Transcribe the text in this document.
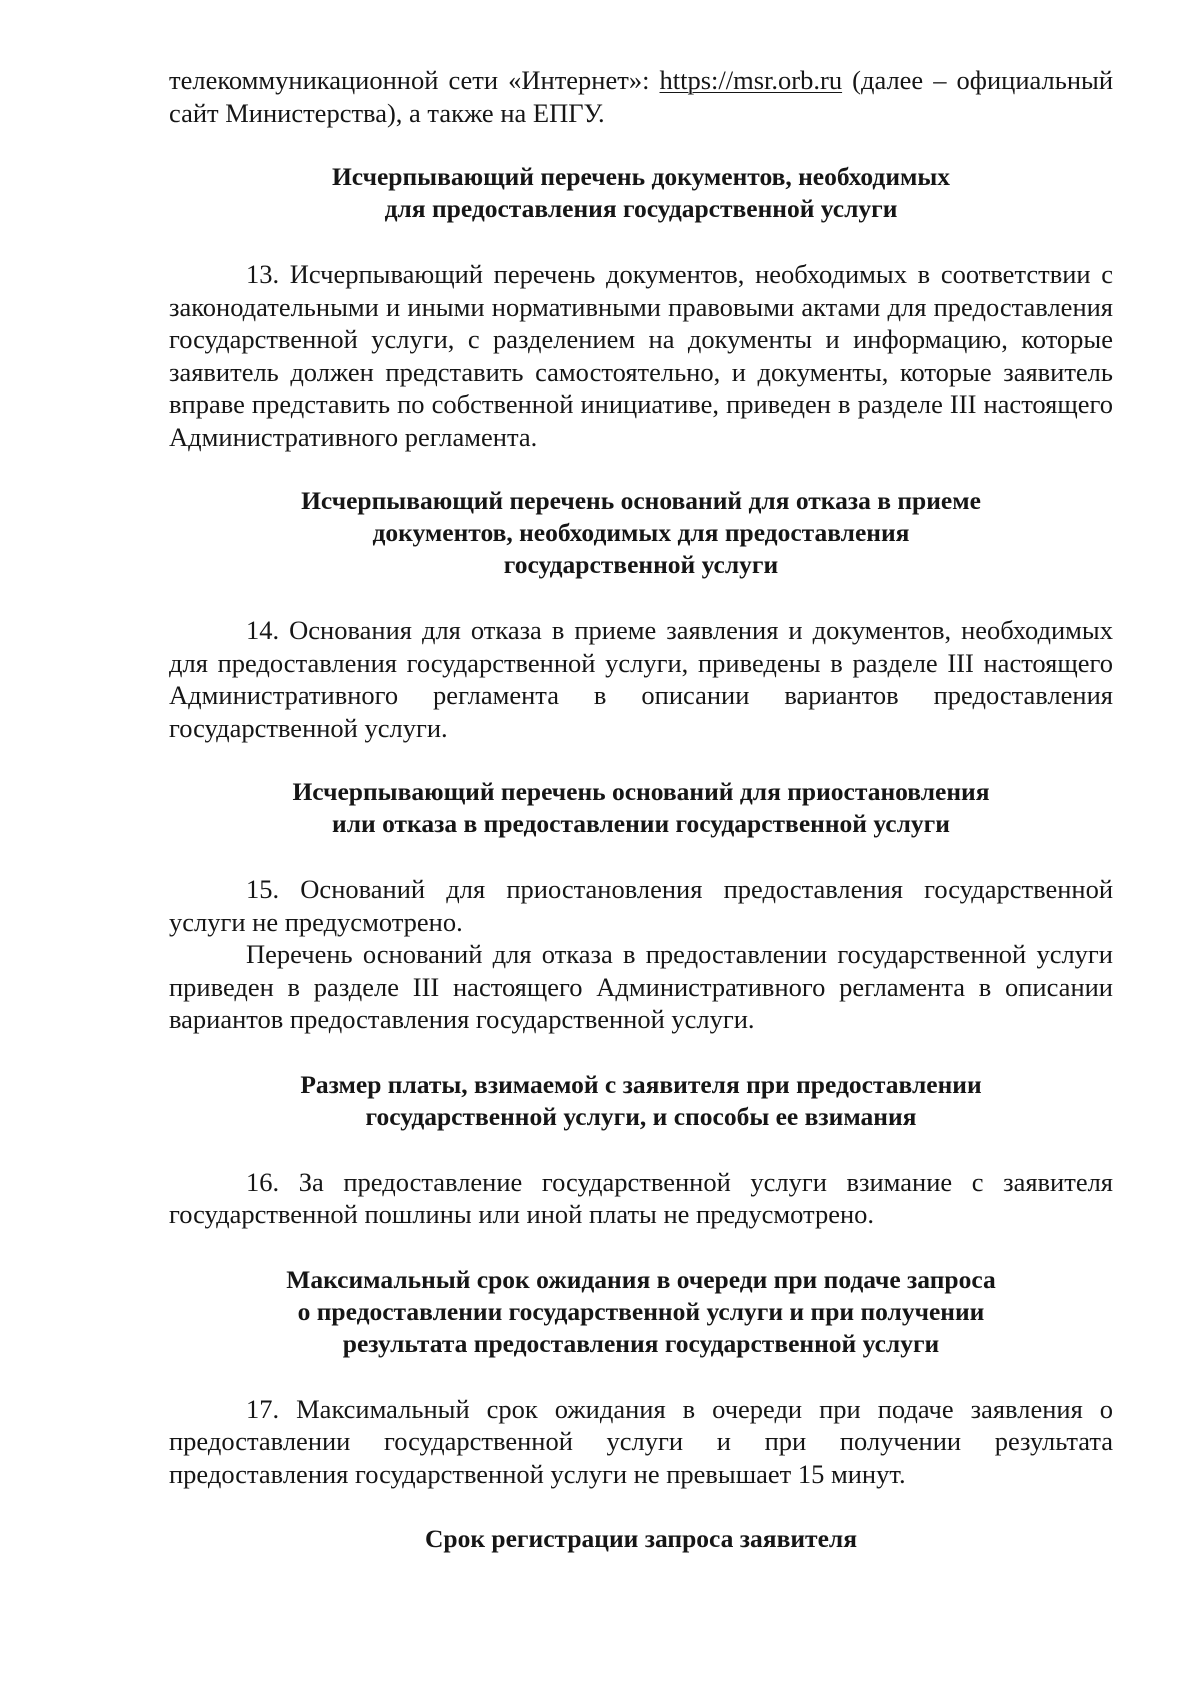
телекоммуникационной сети «Интернет»: https://msr.orb.ru (далее – официальный сайт Министерства), а также на ЕПГУ.

Исчерпывающий перечень документов, необходимых
для предоставления государственной услуги

13. Исчерпывающий перечень документов, необходимых в соответствии с законодательными и иными нормативными правовыми актами для предоставления государственной услуги, с разделением на документы и информацию, которые заявитель должен представить самостоятельно, и документы, которые заявитель вправе представить по собственной инициативе, приведен в разделе III настоящего Административного регламента.

Исчерпывающий перечень оснований для отказа в приеме
документов, необходимых для предоставления
государственной услуги

14. Основания для отказа в приеме заявления и документов, необходимых для предоставления государственной услуги, приведены в разделе III настоящего Административного регламента в описании вариантов предоставления государственной услуги.

Исчерпывающий перечень оснований для приостановления
или отказа в предоставлении государственной услуги

15. Оснований для приостановления предоставления государственной услуги не предусмотрено.

Перечень оснований для отказа в предоставлении государственной услуги приведен в разделе III настоящего Административного регламента в описании вариантов предоставления государственной услуги.

Размер платы, взимаемой с заявителя при предоставлении
государственной услуги, и способы ее взимания

16. За предоставление государственной услуги взимание с заявителя государственной пошлины или иной платы не предусмотрено.

Максимальный срок ожидания в очереди при подаче запроса
о предоставлении государственной услуги и при получении
результата предоставления государственной услуги

17. Максимальный срок ожидания в очереди при подаче заявления о предоставлении государственной услуги и при получении результата предоставления государственной услуги не превышает 15 минут.

Срок регистрации запроса заявителя
